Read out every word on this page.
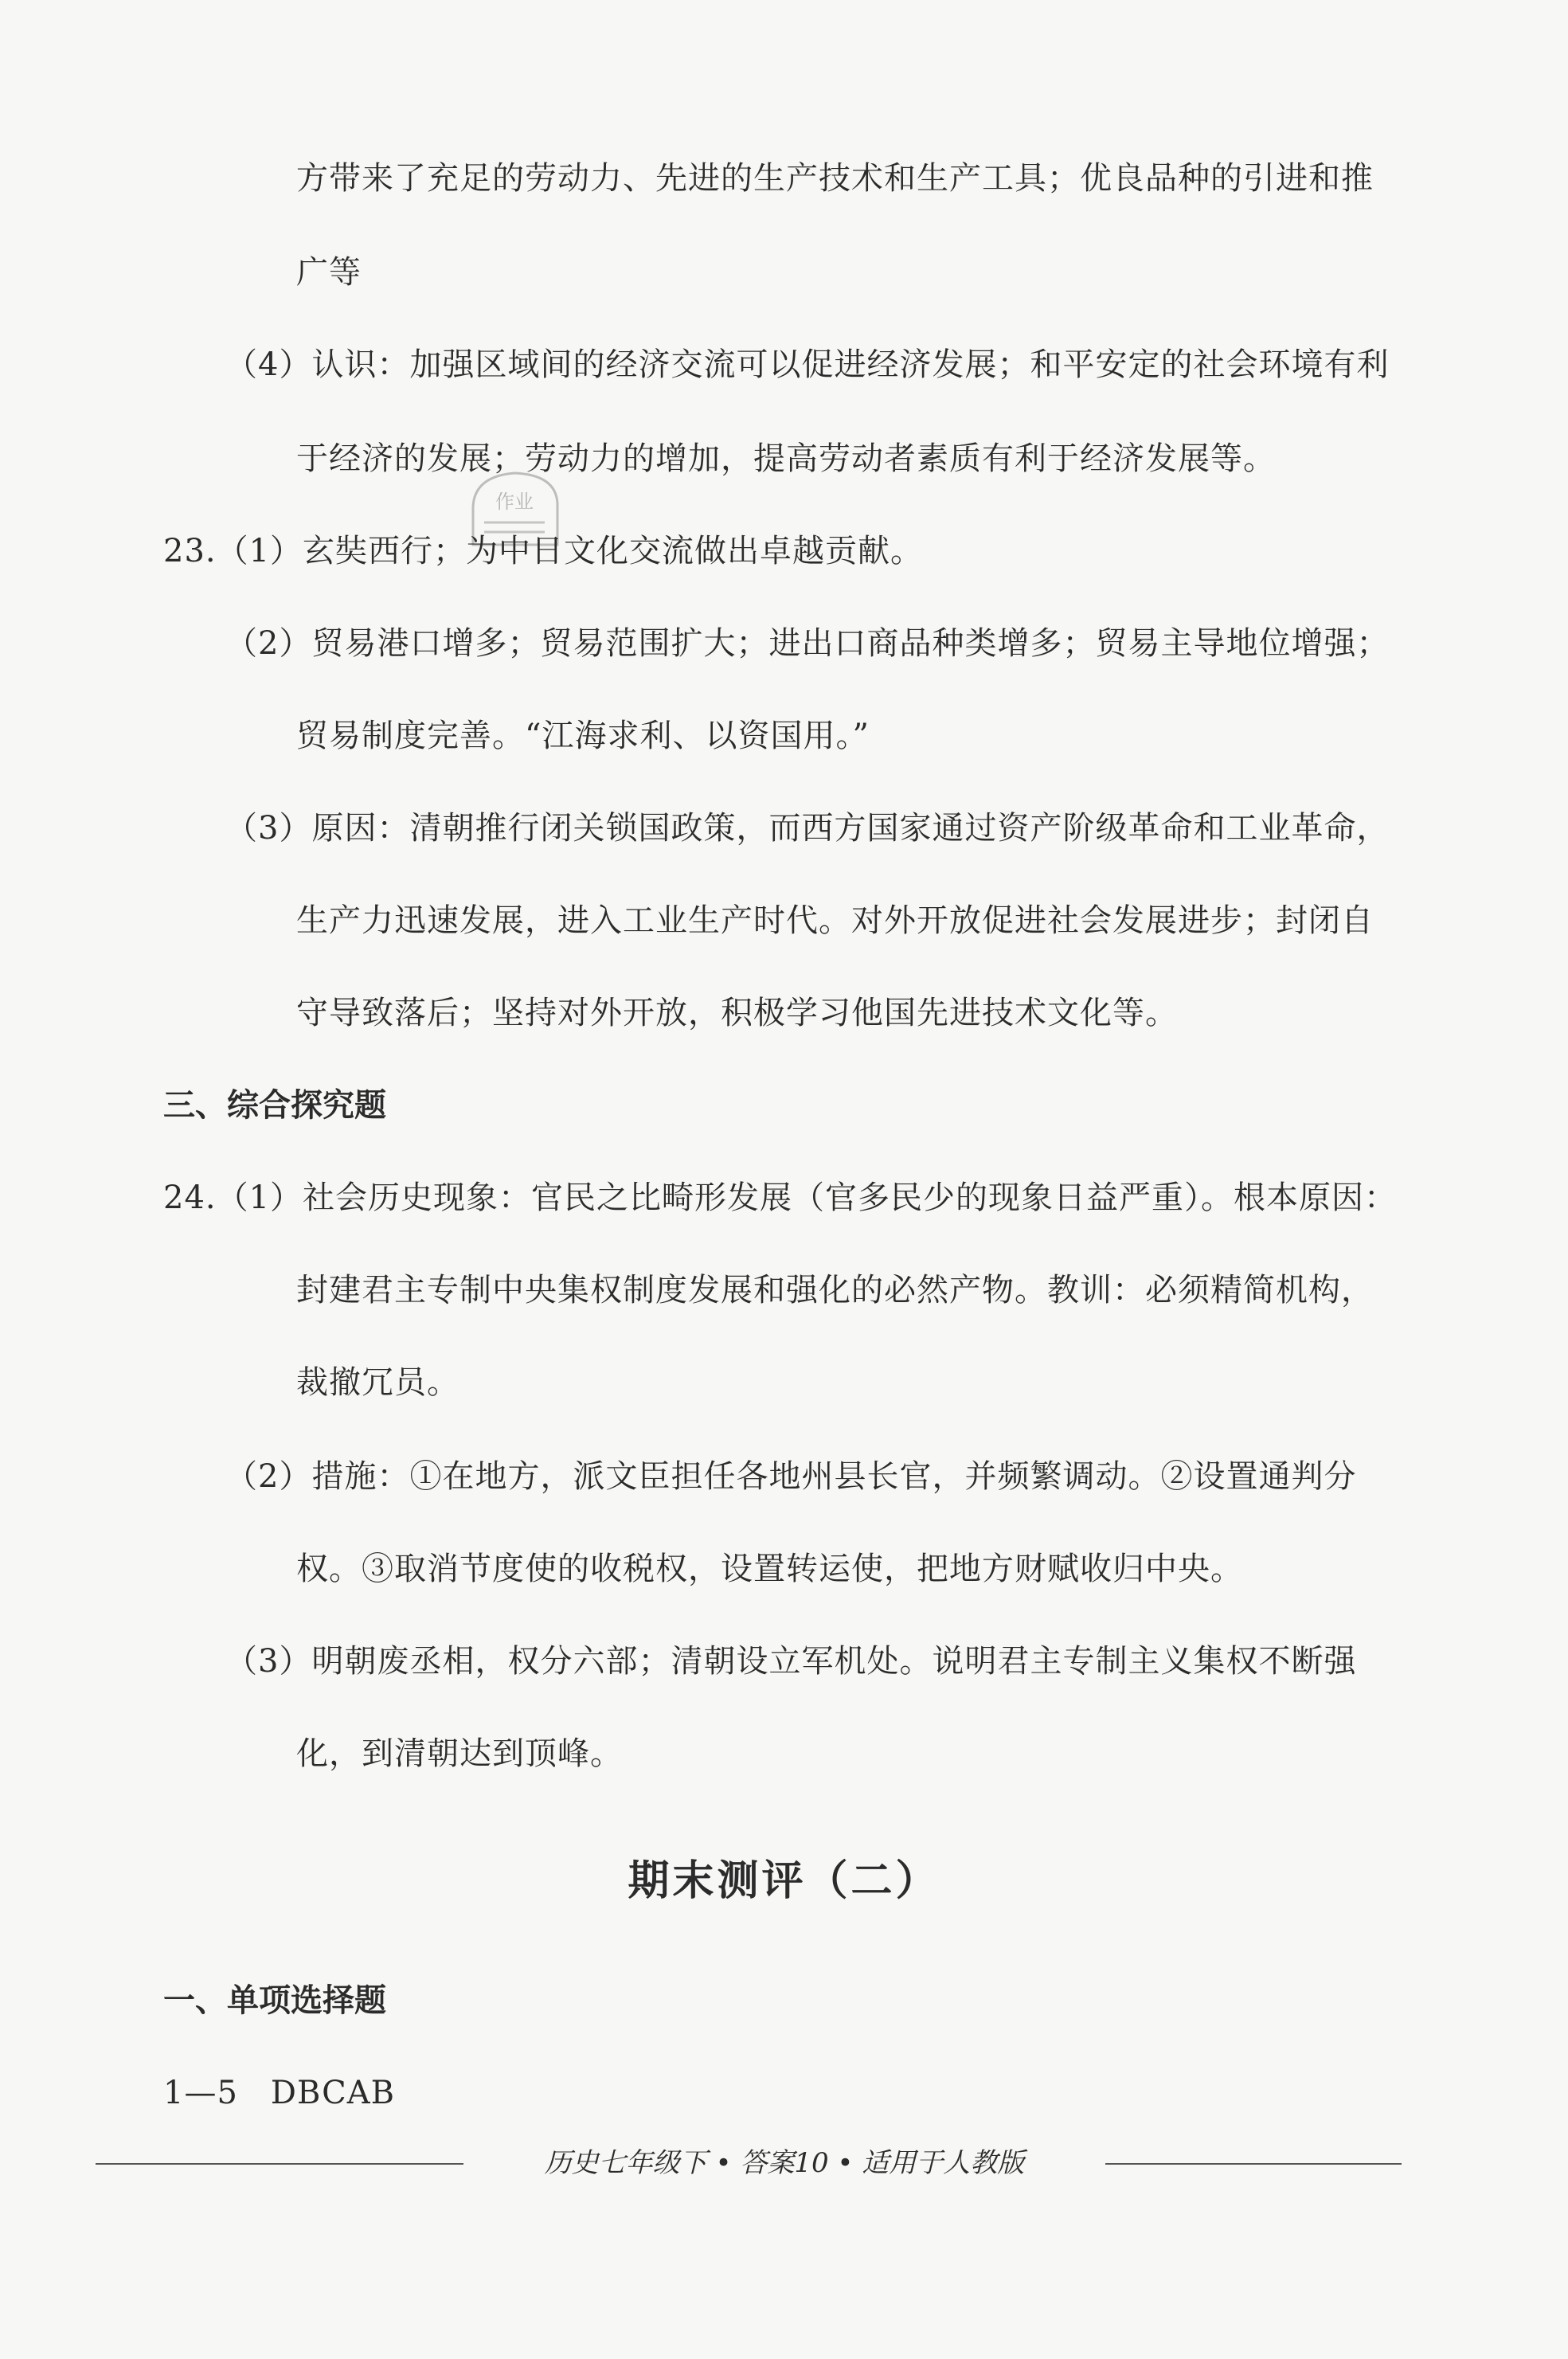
方带来了充足的劳动力、先进的生产技术和生产工具；优良品种的引进和推
广等
（4）认识：加强区域间的经济交流可以促进经济发展；和平安定的社会环境有利
于经济的发展；劳动力的增加，提高劳动者素质有利于经济发展等。
作业
23.（1）玄奘西行；为中日文化交流做出卓越贡献。
（2）贸易港口增多；贸易范围扩大；进出口商品种类增多；贸易主导地位增强；
贸易制度完善。“江海求利、以资国用。”
（3）原因：清朝推行闭关锁国政策，而西方国家通过资产阶级革命和工业革命，
生产力迅速发展，进入工业生产时代。对外开放促进社会发展进步；封闭自
守导致落后；坚持对外开放，积极学习他国先进技术文化等。
三、综合探究题
24.（1）社会历史现象：官民之比畸形发展（官多民少的现象日益严重）。根本原因：
封建君主专制中央集权制度发展和强化的必然产物。教训：必须精简机构，
裁撤冗员。
（2）措施：①在地方，派文臣担任各地州县长官，并频繁调动。②设置通判分
权。③取消节度使的收税权，设置转运使，把地方财赋收归中央。
（3）明朝废丞相，权分六部；清朝设立军机处。说明君主专制主义集权不断强
化，到清朝达到顶峰。
期末测评（二）
一、单项选择题
1—5　DBCAB
历史七年级下 • 答案10 • 适用于人教版
